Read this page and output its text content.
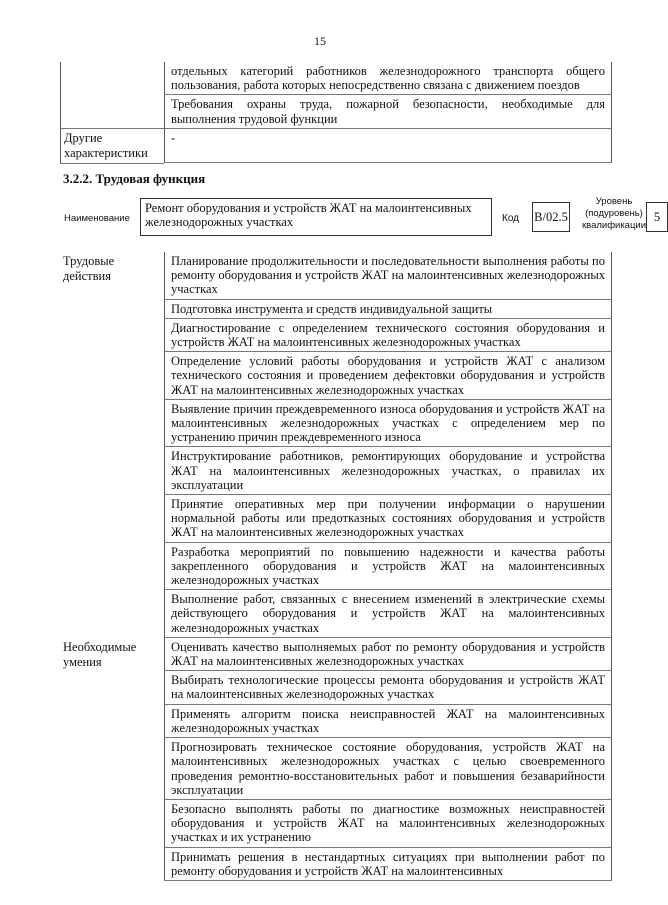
15
отдельных категорий работников железнодорожного транспорта общего пользования, работа которых непосредственно связана с движением поездов
Требования охраны труда, пожарной безопасности, необходимые для выполнения трудовой функции
Другие характеристики
-
3.2.2. Трудовая функция
Наименование
Ремонт оборудования и устройств ЖАТ на малоинтенсивных железнодорожных участках	Код В/02.5
Уровень (подуровень) квалификации
5
Трудовые действия
Планирование продолжительности и последовательности выполнения работы по ремонту оборудования и устройств ЖАТ на малоинтенсивных железнодорожных участках
Подготовка инструмента и средств индивидуальной защиты
Диагностирование с определением технического состояния оборудования и устройств ЖАТ на малоинтенсивных железнодорожных участках
Определение условий работы оборудования и устройств ЖАТ с анализом технического состояния и проведением дефектовки оборудования и устройств ЖАТ на малоинтенсивных железнодорожных участках
Выявление причин преждевременного износа оборудования и устройств ЖАТ на малоинтенсивных железнодорожных участках с определением мер по устранению причин преждевременного износа
Инструктирование работников, ремонтирующих оборудование и устройства ЖАТ на малоинтенсивных железнодорожных участках, о правилах их эксплуатации
Принятие оперативных мер при получении информации о нарушении нормальной работы или предотказных состояниях оборудования и устройств ЖАТ на малоинтенсивных железнодорожных участках
Разработка мероприятий по повышению надежности и качества работы закрепленного оборудования и устройств ЖАТ на малоинтенсивных железнодорожных участках
Выполнение работ, связанных с внесением изменений в электрические схемы действующего оборудования и устройств ЖАТ на малоинтенсивных железнодорожных участках
Необходимые умения
Оценивать качество выполняемых работ по ремонту оборудования и устройств ЖАТ на малоинтенсивных железнодорожных участках
Выбирать технологические процессы ремонта оборудования и устройств ЖАТ на малоинтенсивных железнодорожных участках
Применять алгоритм поиска неисправностей ЖАТ на малоинтенсивных железнодорожных участках
Прогнозировать техническое состояние оборудования, устройств ЖАТ на малоинтенсивных железнодорожных участках с целью своевременного проведения ремонтно-восстановительных работ и повышения безаварийности эксплуатации
Безопасно выполнять работы по диагностике возможных неисправностей оборудования и устройств ЖАТ на малоинтенсивных железнодорожных участках и их устранению
Принимать решения в нестандартных ситуациях при выполнении работ по ремонту оборудования и устройств ЖАТ на малоинтенсивных
